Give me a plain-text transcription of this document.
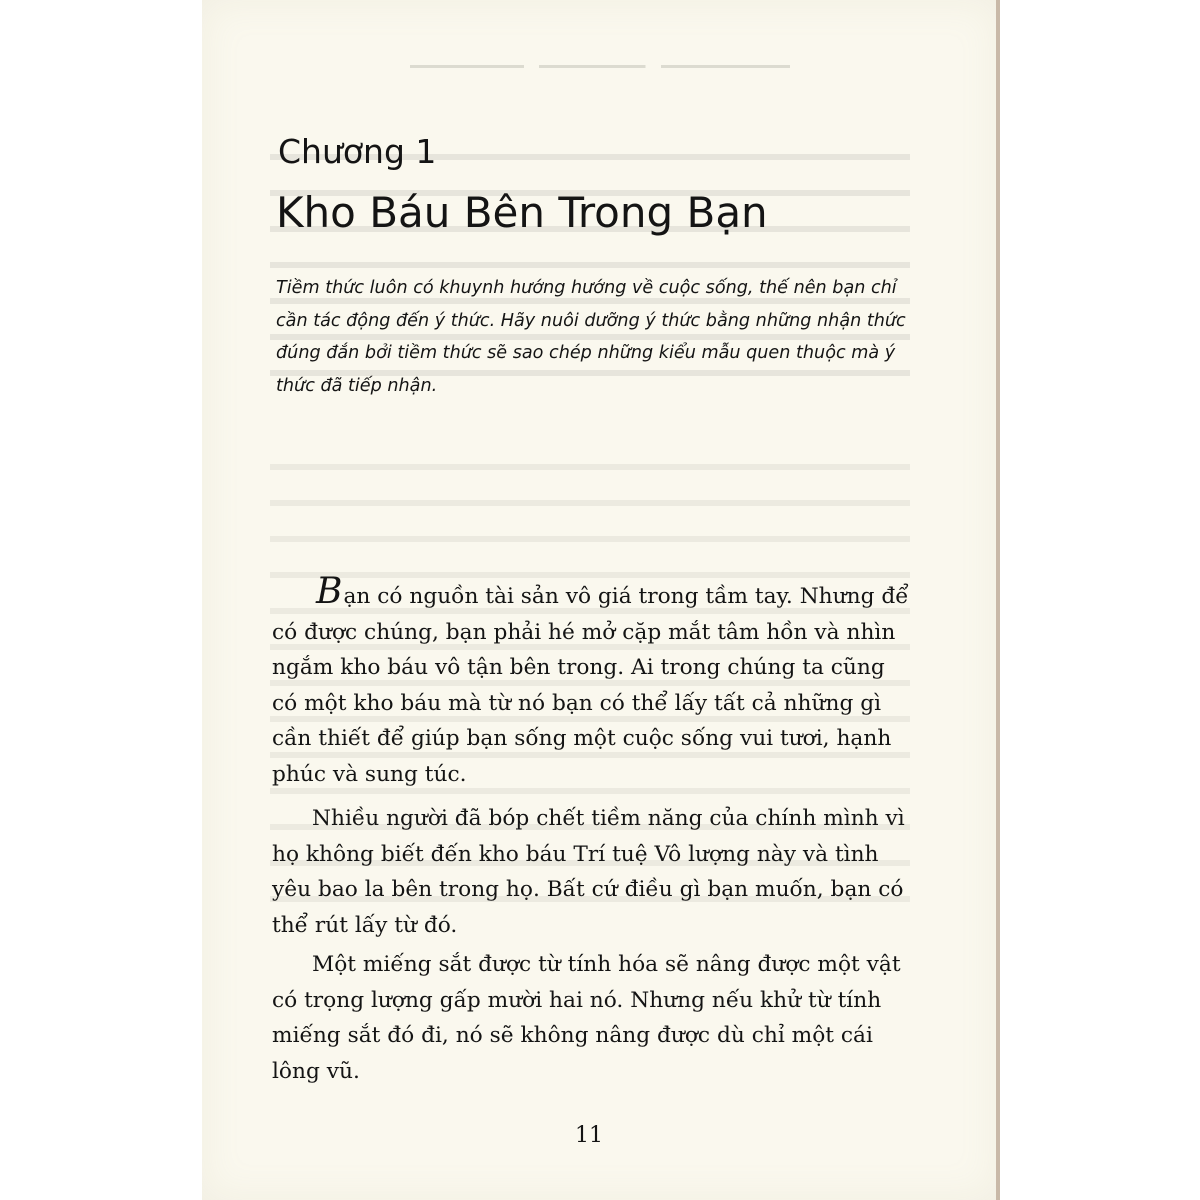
Chương 1
Kho Báu Bên Trong Bạn
Tiềm thức luôn có khuynh hướng hướng về cuộc sống, thế nên bạn chỉ cần tác động đến ý thức. Hãy nuôi dưỡng ý thức bằng những nhận thức đúng đắn bởi tiềm thức sẽ sao chép những kiểu mẫu quen thuộc mà ý thức đã tiếp nhận.
Bạn có nguồn tài sản vô giá trong tầm tay. Nhưng để có được chúng, bạn phải hé mở cặp mắt tâm hồn và nhìn ngắm kho báu vô tận bên trong. Ai trong chúng ta cũng có một kho báu mà từ nó bạn có thể lấy tất cả những gì cần thiết để giúp bạn sống một cuộc sống vui tươi, hạnh phúc và sung túc.
Nhiều người đã bóp chết tiềm năng của chính mình vì họ không biết đến kho báu Trí tuệ Vô lượng này và tình yêu bao la bên trong họ. Bất cứ điều gì bạn muốn, bạn có thể rút lấy từ đó.
Một miếng sắt được từ tính hóa sẽ nâng được một vật có trọng lượng gấp mười hai nó. Nhưng nếu khử từ tính miếng sắt đó đi, nó sẽ không nâng được dù chỉ một cái lông vũ.
11
